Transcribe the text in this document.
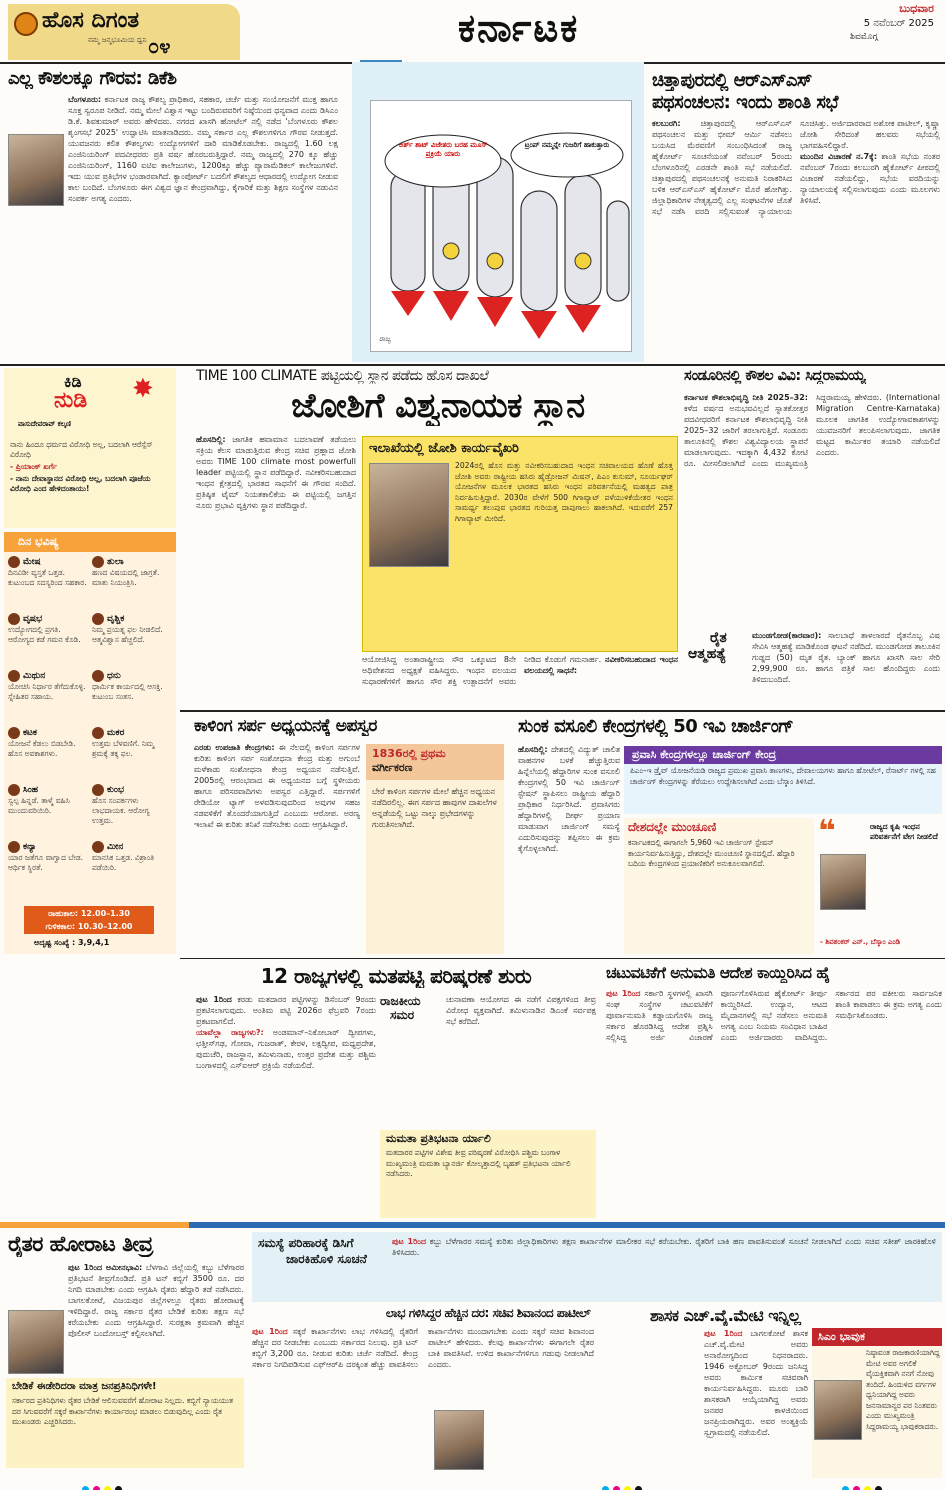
ಹೊಸ ದಿಗಂತ
ನಮ್ಮ ಜನ್ಮಭೂಮಿಯ ಧ್ವನಿ ೦೪	ಕರ್ನಾಟಕ	ಬುಧವಾರ
5 ನವೆಂಬರ್ 2025
ಶಿವಮೊಗ್ಗ
ಎಲ್ಲ ಕೌಶಲಕ್ಕೂ ಗೌರವ: ಡಿಕೆಶಿ
ಬೆಂಗಳೂರು: ಕರ್ನಾಟಕ ರಾಜ್ಯ ಕೌಶಲ್ಯ ಪ್ರಾಧಿಕಾರ, ಸಹಕಾರ, ಚರ್ಚೆ ಮತ್ತು ಸಂಯೋಜನೆಗೆ ಮುಕ್ತ ಹಾಗೂ ಸೂಕ್ತ ಸ್ವರೂಪ ನೀಡಿದೆ. ನಮ್ಮ ಮೇಲೆ ವಿಶ್ವಾಸ ಇಟ್ಟು ಬಂದಿರುವವರಿಗೆ ನಿಷ್ಠೆಯಿಂದ ಧನ್ಯವಾದ ಎಂದು ಡಿಸಿಎಂ ಡಿ.ಕೆ. ಶಿವಕುಮಾರ್ ಅವರು ಹೇಳಿದರು. ನಗರದ ಖಾಸಗಿ ಹೋಟೆಲ್ ನಲ್ಲಿ ನಡೆದ 'ಬೆಂಗಳೂರು ಕೌಶಲ ಶೃಂಗಸಭೆ 2025' ಉದ್ಘಾಟಿಸಿ ಮಾತನಾಡಿದರು. ನಮ್ಮ ಸರ್ಕಾರ ಎಲ್ಲ ಕೌಶಲಗಳಿಗೂ ಗೌರವ ನೀಡುತ್ತದೆ. ಯುವಜನರು ಕಲಿತ ಕೌಶಲ್ಯಗಳು ಉದ್ಯೋಗಗಳಿಗೆ ದಾರಿ ಮಾಡಿಕೊಡಬೇಕು. ರಾಜ್ಯದಲ್ಲಿ 1.60 ಲಕ್ಷ ಎಂಜಿನಿಯರಿಂಗ್ ಪದವೀಧರರು ಪ್ರತಿ ವರ್ಷ ಹೊರಬರುತ್ತಿದ್ದಾರೆ. ನಮ್ಮ ರಾಜ್ಯದಲ್ಲಿ 270 ಕ್ಕೂ ಹೆಚ್ಚು ಎಂಜಿನಿಯರಿಂಗ್, 1160 ಐಟಿಐ ಕಾಲೇಜುಗಳು, 1200ಕ್ಕೂ ಹೆಚ್ಚು ಪ್ಯಾರಾಮೆಡಿಕಲ್ ಕಾಲೇಜುಗಳಿವೆ. ಇದು ಯುವ ಪ್ರತಿಭೆಗಳ ಭಂಡಾರವಾಗಿದೆ. ಕ್ಯಾಂಪೋರ್ಟ್ ಬದಲಿಗೆ ಕೌಶಲ್ಯದ ಆಧಾರದಲ್ಲಿ ಉದ್ಯೋಗ ನೀಡುವ ಕಾಲ ಬಂದಿದೆ. ಬೆಂಗಳೂರು ಈಗ ವಿಶ್ವದ ಜ್ಞಾನ ಕೇಂದ್ರವಾಗಿದ್ದು, ಕೈಗಾರಿಕೆ ಮತ್ತು ಶಿಕ್ಷಣ ಸಂಸ್ಥೆಗಳ ನಡುವಿನ ಸಂಪರ್ಕ ಅಗತ್ಯ ಎಂದರು.
ಅರ್ತ್ ಶಾಟ್ ವಿಜೇತರು ಬರಹ ಮೂಸ್ ಪ್ರಕ್ರಿಯೆ ಯಾರು
ಟ್ರಂಪ್ ನಮ್ಮನ್ನೇ ಗುಜರಿಗೆ ಹಾಕುತ್ತಾರು
ರಾಜ್ಯ
ಚಿತ್ತಾಪುರದಲ್ಲಿ ಆರ್‌ಎಸ್‌ಎಸ್
ಪಥಸಂಚಲನ: ಇಂದು ಶಾಂತಿ ಸಭೆ
ಕಲಬುರಗಿ:	ಚಿತ್ತಾಪುರದಲ್ಲಿ ಆರ್‌ಎಸ್‌ಎಸ್ ಪಥಸಂಚಲನ ಮತ್ತು ಭೀಮ್ ಆರ್ಮಿ ನಡೆಸಲು ಬಯಸಿದ ಮೆರವಣಿಗೆ ಸಂಬಂಧಿಸಿದಂತೆ ರಾಜ್ಯ ಹೈಕೋರ್ಟ್ ಸೂಚನೆಯಂತೆ ನವೆಂಬರ್ 5ರಂದು ಬೆಂಗಳೂರಿನಲ್ಲಿ ಎರಡನೇ ಶಾಂತಿ ಸಭೆ ನಡೆಯಲಿದೆ. ಚಿತ್ತಾಪುರದಲ್ಲಿ ಪಥಸಂಚಲನಕ್ಕೆ ಅನುಮತಿ ನಿರಾಕರಿಸಿದ ಬಳಿಕ ಆರ್‌ಎಸ್‌ಎಸ್ ಹೈಕೋರ್ಟ್ ಮೊರೆ ಹೋಗಿತ್ತು. ಜಿಲ್ಲಾಧಿಕಾರಿಗಳ ನೇತೃತ್ವದಲ್ಲಿ ಎಲ್ಲ ಸಂಘಟನೆಗಳ ಜೊತೆ ಸಭೆ ನಡೆಸಿ ವರದಿ ಸಲ್ಲಿಸುವಂತೆ ನ್ಯಾಯಾಲಯ ಸೂಚಿಸಿತ್ತು. ಅರ್ಜಿದಾರರಾದ ಅಶೋಕ ಪಾಟೀಲ್, ಕೃಷ್ಣಾ ಜೋಶಿ ಸೇರಿದಂತೆ ಹಲವರು ಸಭೆಯಲ್ಲಿ ಭಾಗವಹಿಸಲಿದ್ದಾರೆ.

ಮುಂದಿನ ವಿಚಾರಣೆ ನ.7ಕ್ಕೆ: ಶಾಂತಿ ಸಭೆಯ ನಂತರ ನವೆಂಬರ್ 7ರಂದು ಕಲಬುರಗಿ ಹೈಕೋರ್ಟ್ ಪೀಠದಲ್ಲಿ ವಿಚಾರಣೆ ನಡೆಯಲಿದ್ದು, ಸಭೆಯ ವರದಿಯನ್ನು ನ್ಯಾಯಾಲಯಕ್ಕೆ ಸಲ್ಲಿಸಲಾಗುವುದು ಎಂದು ಮೂಲಗಳು ತಿಳಿಸಿವೆ.

✸
ಕಿಡಿ
ನುಡಿ
ವಾಸುದೇವರಾವ್ ಕಲ್ಕಣಿ
ನಾನು ಹಿಂದೂ ಧರ್ಮದ ವಿರೋಧಿ ಅಲ್ಲ, ಬದಲಾಗಿ ಆರೆಸ್ಸೆಸ್ ವಿರೋಧಿ
- ಪ್ರಿಯಾಂಕ್ ಖರ್ಗೆ
- ನಾನು ದೇವಾಸ್ಥಾನದ ವಿರೋಧಿ ಅಲ್ಲ, ಬದಲಾಗಿ ಪೂಜೆಯ ವಿರೋಧಿ ಎಂದ ಹೇಳಿದಂತಾಯು!
ದಿನ ಭವಿಷ್ಯ
ಮೇಷ
ದಿನವಿಡೀ ವ್ಯಸ್ತತೆ ಒತ್ತಡ. ಕುಟುಂಬದ ಸದಸ್ಯರಿಂದ ಸಹಕಾರ.
ತುಲಾ
ಹಣದ ವಿಷಯದಲ್ಲಿ ಜಾಗ್ರತೆ. ಮಾತು ನಿಯಂತ್ರಿಸಿ.
ವೃಷಭ
ಉದ್ಯೋಗದಲ್ಲಿ ಪ್ರಗತಿ. ಆರೋಗ್ಯದ ಕಡೆ ಗಮನ ಕೊಡಿ.
ವೃಶ್ಚಿಕ
ನಿಮ್ಮ ಪ್ರಯತ್ನ ಫಲ ನೀಡಲಿದೆ. ಆತ್ಮವಿಶ್ವಾಸ ಹೆಚ್ಚಲಿದೆ.
ಮಿಥುನ
ಯೋಚಿಸಿ ನಿರ್ಧಾರ ತೆಗೆದುಕೊಳ್ಳಿ. ಸ್ನೇಹಿತರ ಸಹಾಯ.
ಧನು
ಧಾರ್ಮಿಕ ಕಾರ್ಯದಲ್ಲಿ ಆಸಕ್ತಿ. ಕುಟುಂಬ ಸಂತಸ.
ಕಟಕ
ಯೋಜನೆ ಕೆಡಲು ಬಿಡಬೇಡಿ. ಹೊಸ ಅವಕಾಶಗಳು.
ಮಕರ
ಉತ್ತಮ ಬೆಳವಣಿಗೆ. ನಿಮ್ಮ ಶ್ರಮಕ್ಕೆ ತಕ್ಕ ಫಲ.
ಸಿಂಹ
ಸ್ವಲ್ಪ ಹಿನ್ನಡೆ. ತಾಳ್ಮೆ ವಹಿಸಿ ಮುಂದುವರಿಯಿರಿ.
ಕುಂಭ
ಹೊಸ ಸಂಪರ್ಕಗಳು ಲಾಭದಾಯಕ. ಆರೋಗ್ಯ ಉತ್ತಮ.
ಕನ್ಯಾ
ಯಾರ ಜತೆಗೂ ವಾಗ್ವಾದ ಬೇಡ. ಆರ್ಥಿಕ ಸ್ಥಿರತೆ.
ಮೀನ
ಮಾನಸಿಕ ಒತ್ತಡ. ವಿಶ್ರಾಂತಿ ಪಡೆಯಿರಿ.
ರಾಹುಕಾಲ: 12.00–1.30
ಗುಳಿಕಕಾಲ: 10.30–12.00
ಅದೃಷ್ಟ ಸಂಖ್ಯೆ : 3,9,4,1
TIME 100 CLIMATE ಪಟ್ಟಿಯಲ್ಲಿ ಸ್ಥಾನ ಪಡೆದು ಹೊಸ ದಾಖಲೆ
ಜೋಶಿಗೆ ವಿಶ್ವನಾಯಕ ಸ್ಥಾನ
ಹೊಸದಿಲ್ಲಿ: ಜಾಗತಿಕ ಹವಾಮಾನ ಬದಲಾವಣೆ ತಡೆಯಲು ಸಕ್ರಿಯ ಕೆಲಸ ಮಾಡುತ್ತಿರುವ ಕೇಂದ್ರ ಸಚಿವ ಪ್ರಹ್ಲಾದ ಜೋಶಿ ಅವರು TIME 100 climate most powerfull leader ಪಟ್ಟಿಯಲ್ಲಿ ಸ್ಥಾನ ಪಡೆದಿದ್ದಾರೆ. ನವೀಕರಿಸಬಹುದಾದ ಇಂಧನ ಕ್ಷೇತ್ರದಲ್ಲಿ ಭಾರತದ ಸಾಧನೆಗೆ ಈ ಗೌರವ ಸಂದಿದೆ. ಪ್ರತಿಷ್ಠಿತ ಟೈಮ್ ನಿಯತಕಾಲಿಕೆಯ ಈ ಪಟ್ಟಿಯಲ್ಲಿ ಜಗತ್ತಿನ ನೂರು ಪ್ರಭಾವಿ ವ್ಯಕ್ತಿಗಳು ಸ್ಥಾನ ಪಡೆದಿದ್ದಾರೆ.
ಇಲಾಖೆಯಲ್ಲಿ ಜೋಶಿ ಕಾರ್ಯವೈಖರಿ
2024ರಲ್ಲಿ ಹೊಸ ಮತ್ತು ನವೀಕರಿಸಬಹುದಾದ ಇಂಧನ ಸಚಿವಾಲಯದ ಹೊಣೆ ಹೊತ್ತ ಜೋಶಿ ಅವರು ರಾಷ್ಟ್ರೀಯ ಹಸಿರು ಹೈಡ್ರೋಜನ್ ಮಿಷನ್, ಪಿಎಂ ಕುಸುಮ್, ಸೂರ್ಯಘರ್ ಯೋಜನೆಗಳ ಮೂಲಕ ಭಾರತದ ಹಸಿರು ಇಂಧನ ಪರಿವರ್ತನೆಯಲ್ಲಿ ಮಹತ್ವದ ಪಾತ್ರ ನಿರ್ವಹಿಸುತ್ತಿದ್ದಾರೆ. 2030ರ ವೇಳೆಗೆ 500 ಗಿಗಾವ್ಯಾಟ್ ಪಳೆಯುಳಿಕೆಯೇತರ ಇಂಧನ ಸಾಮರ್ಥ್ಯ ತಲುಪುವ ಭಾರತದ ಗುರಿಯತ್ತ ದಾಪುಗಾಲು ಹಾಕಲಾಗಿದೆ. ಇದುವರೆಗೆ 257 ಗಿಗಾವ್ಯಾಟ್ ಮೀರಿದೆ.
ಆಯೋಜಿಸಿದ್ದ ಅಂತಾರಾಷ್ಟ್ರೀಯ ಸೌರ ಒಕ್ಕೂಟದ 8ನೇ ಅಧಿವೇಶನದ ಅಧ್ಯಕ್ಷತೆ ವಹಿಸಿದ್ದರು. ಇಂಧನ ವಲಯದ ಸುಧಾರಣೆಗಳಿಗೆ ಹಾಗೂ ಸೌರ ಶಕ್ತಿ ಉತ್ಪಾದನೆಗೆ ಅವರು ನೀಡಿದ ಕೊಡುಗೆ ಗಮನಾರ್ಹ. ನವೀಕರಿಸಬಹುದಾದ ಇಂಧನ ವಲಯದಲ್ಲಿ ಸಾಧನೆ:
ಸಂಡೂರಿನಲ್ಲಿ ಕೌಶಲ ವಿವಿ: ಸಿದ್ದರಾಮಯ್ಯ
ಕರ್ನಾಟಕ ಕೌಶಲಾಭಿವೃದ್ಧಿ ನೀತಿ 2025–32: ಕಳೆದ ವರ್ಷದ ಅನುಭವವಿಲ್ಲದೆ ಸ್ನಾತಕೋತ್ತರ ಪದವೀಧರರಿಗೆ ಕರ್ನಾಟಕ ಕೌಶಲಾಭಿವೃದ್ಧಿ ನೀತಿ 2025–32 ಜಾರಿಗೆ ತರಲಾಗುತ್ತಿದೆ. ಸಂಡೂರು ತಾಲೂಕಿನಲ್ಲಿ ಕೌಶಲ ವಿಶ್ವವಿದ್ಯಾಲಯ ಸ್ಥಾಪನೆ ಮಾಡಲಾಗುವುದು. ಇದಕ್ಕಾಗಿ 4,432 ಕೋಟಿ ರೂ. ಮೀಸಲಿಡಲಾಗಿದೆ ಎಂದು ಮುಖ್ಯಮಂತ್ರಿ ಸಿದ್ದರಾಮಯ್ಯ ಹೇಳಿದರು. (International Migration Centre-Karnataka) ಮೂಲಕ ಜಾಗತಿಕ ಉದ್ಯೋಗಾವಕಾಶಗಳನ್ನು ಯುವಜನರಿಗೆ ತಲುಪಿಸಲಾಗುವುದು. ಜಾಗತಿಕ ಮಟ್ಟದ ಕಾರ್ಮಿಕರ ತಯಾರಿ ನಡೆಯಲಿದೆ ಎಂದರು.
ರೈತ
ಆತ್ಮಹತ್ಯೆ
ಮುಂಡಗೋಡ(ಕಾರವಾರ): ಸಾಲಬಾಧೆ ತಾಳಲಾರದೆ ರೈತನೊಬ್ಬ ವಿಷ ಸೇವಿಸಿ ಆತ್ಮಹತ್ಯೆ ಮಾಡಿಕೊಂಡ ಘಟನೆ ನಡೆದಿದೆ. ಮುಂಡಗೋಡ ತಾಲೂಕಿನ ಗುಡ್ಡದ (50) ಮೃತ ರೈತ. ಬ್ಯಾಂಕ್ ಹಾಗೂ ಖಾಸಗಿ ಸಾಲ ಸೇರಿ 2,99,900 ರೂ. ಹಾಗೂ ಪತ್ರಿಕೆ ಸಾಲ ಹೊಂದಿದ್ದರು ಎಂದು ತಿಳಿದುಬಂದಿದೆ.
ಕಾಳಿಂಗ ಸರ್ಪ ಅಧ್ಯಯನಕ್ಕೆ ಅಪಸ್ವರ
1836ರಲ್ಲಿ ಪ್ರಥಮ
ವರ್ಗೀಕರಣ
ಬೇರೆ ಕಾಳಿಂಗ ಸರ್ಪಗಳ ಮೇಲೆ ಹೆಚ್ಚಿನ ಅಧ್ಯಯನ ನಡೆದಿರಲಿಲ್ಲ. ಈಗ ಸರ್ಪದ ಹಾವುಗಳ ದಾಖಲೆಗಳ ಅನ್ನಡೆಯಲ್ಲಿ ಒಟ್ಟು ನಾಲ್ಕು ಪ್ರಭೇದಗಳನ್ನು ಗುರುತಿಸಲಾಗಿದೆ.
ಎರಡು ಉಪಜಾತಿ ಕೇಂದ್ರಗಳು: ಈ ನೆಲದಲ್ಲಿ ಕಾಳಿಂಗ ಸರ್ಪಗಳ ಕುರಿತು ಕಾಳಿಂಗ ಸರ್ಪ ಸಂಶೋಧನಾ ಕೇಂದ್ರ ಮತ್ತು ಅಗುಂಬೆ ಮಳೆಕಾಡು ಸಂಶೋಧನಾ ಕೇಂದ್ರ ಅಧ್ಯಯನ ನಡೆಸುತ್ತಿವೆ. 2005ರಲ್ಲಿ ಆರಂಭವಾದ ಈ ಅಧ್ಯಯನದ ಬಗ್ಗೆ ಸ್ಥಳೀಯರು ಹಾಗೂ ಪರಿಸರವಾದಿಗಳು ಅಪಸ್ವರ ಎತ್ತಿದ್ದಾರೆ. ಸರ್ಪಗಳಿಗೆ ರೇಡಿಯೋ ಟ್ಯಾಗ್ ಅಳವಡಿಸುವುದರಿಂದ ಅವುಗಳ ಸಹಜ ನಡವಳಿಕೆಗೆ ತೊಂದರೆಯಾಗುತ್ತಿದೆ ಎಂಬುದು ಆರೋಪ. ಅರಣ್ಯ ಇಲಾಖೆ ಈ ಕುರಿತು ತನಿಖೆ ನಡೆಸಬೇಕು ಎಂದು ಆಗ್ರಹಿಸಿದ್ದಾರೆ.
ಸುಂಕ ವಸೂಲಿ ಕೇಂದ್ರಗಳಲ್ಲಿ 50 ಇವಿ ಚಾರ್ಜಿಂಗ್
ಹೊಸದಿಲ್ಲಿ: ದೇಶದಲ್ಲಿ ವಿದ್ಯುತ್ ಚಾಲಿತ ವಾಹನಗಳ ಬಳಕೆ ಹೆಚ್ಚುತ್ತಿರುವ ಹಿನ್ನೆಲೆಯಲ್ಲಿ ಹೆದ್ದಾರಿಗಳ ಸುಂಕ ವಸೂಲಿ ಕೇಂದ್ರಗಳಲ್ಲಿ 50 ಇವಿ ಚಾರ್ಜಿಂಗ್ ಸ್ಟೇಷನ್ ಸ್ಥಾಪಿಸಲು ರಾಷ್ಟ್ರೀಯ ಹೆದ್ದಾರಿ ಪ್ರಾಧಿಕಾರ ನಿರ್ಧರಿಸಿದೆ. ಪ್ರವಾಸಿಗರು ಹೆದ್ದಾರಿಗಳಲ್ಲಿ ದೀರ್ಘ ಪ್ರಯಾಣ ಮಾಡುವಾಗ ಚಾರ್ಜಿಂಗ್ ಸಮಸ್ಯೆ ಎದುರಿಸುವುದನ್ನು ತಪ್ಪಿಸಲು ಈ ಕ್ರಮ ಕೈಗೊಳ್ಳಲಾಗಿದೆ.
ಪ್ರವಾಸಿ ಕೇಂದ್ರಗಳಲ್ಲೂ ಚಾರ್ಜಿಂಗ್ ಕೇಂದ್ರ
ಪಿಎಂ–ಇ ಡ್ರೈವ್ ಯೋಜನೆಯಡಿ ರಾಜ್ಯದ ಪ್ರಮುಖ ಪ್ರವಾಸಿ ತಾಣಗಳು, ದೇವಾಲಯಗಳು ಹಾಗೂ ಹೋಟೆಲ್, ರೆಸಾರ್ಟ್ ಗಳಲ್ಲಿ ಸಹ ಚಾರ್ಜಿಂಗ್ ಕೇಂದ್ರಗಳನ್ನು ತೆರೆಯಲು ಉದ್ದೇಶಿಸಲಾಗಿದೆ ಎಂದು ಬೆಸ್ಕಾಂ ತಿಳಿಸಿದೆ.
ದೇಶದಲ್ಲೇ ಮುಂಚೂಣಿ
ಕರ್ನಾಟಕದಲ್ಲಿ ಈಗಾಗಲೇ 5,960 ಇವಿ ಚಾರ್ಜಿಂಗ್ ಸ್ಟೇಷನ್ ಕಾರ್ಯನಿರ್ವಹಿಸುತ್ತಿದ್ದು, ದೇಶದಲ್ಲೇ ಮುಂಚೂಣಿ ಸ್ಥಾನದಲ್ಲಿದೆ. ಹೆದ್ದಾರಿ ಬದಿಯ ಕೇಂದ್ರಗಳಿಂದ ಪ್ರಯಾಣಿಕರಿಗೆ ಅನುಕೂಲವಾಗಲಿದೆ.
❝	ರಾಜ್ಯದ ಕೃಷಿ ಇಂಧನ ಪರಿವರ್ತನೆಗೆ ವೇಗ ನೀಡಲಿದೆ
- ಶಿವಶಂಕರ್ ಎನ್., ಬೆಸ್ಕಾಂ ಎಂಡಿ
12 ರಾಜ್ಯಗಳಲ್ಲಿ ಮತಪಟ್ಟಿ ಪರಿಷ್ಕರಣೆ ಶುರು
ಪುಟ 1ರಿಂದ ಕರಡು ಮತದಾರರ ಪಟ್ಟಿಗಳನ್ನು ಡಿಸೆಂಬರ್ 9ರಂದು ಪ್ರಕಟಿಸಲಾಗುವುದು. ಅಂತಿಮ ಪಟ್ಟಿ 2026ರ ಫೆಬ್ರವರಿ 7ರಂದು ಪ್ರಕಟವಾಗಲಿದೆ.

ಯಾವೆಲ್ಲಾ ರಾಜ್ಯಗಳು?: ಅಂಡಮಾನ್–ನಿಕೋಬಾರ್ ದ್ವೀಪಗಳು, ಛತ್ತೀಸ್‌ಗಢ, ಗೋವಾ, ಗುಜರಾತ್, ಕೇರಳ, ಲಕ್ಷದ್ವೀಪ, ಮಧ್ಯಪ್ರದೇಶ, ಪುದುಚೆರಿ, ರಾಜಸ್ಥಾನ, ತಮಿಳುನಾಡು, ಉತ್ತರ ಪ್ರದೇಶ ಮತ್ತು ಪಶ್ಚಿಮ ಬಂಗಾಳದಲ್ಲಿ ಎಸ್‌ಐಆರ್ ಪ್ರಕ್ರಿಯೆ ನಡೆಯಲಿದೆ.

ರಾಜಕೀಯ
ಸಮರ
ಚುನಾವಣಾ ಆಯೋಗದ ಈ ನಡೆಗೆ ವಿಪಕ್ಷಗಳಿಂದ ತೀವ್ರ ವಿರೋಧ ವ್ಯಕ್ತವಾಗಿದೆ. ತಮಿಳುನಾಡಿನ ಡಿಎಂಕೆ ಸರ್ವಪಕ್ಷ ಸಭೆ ಕರೆದಿದೆ.
ಮಮತಾ ಪ್ರತಿಭಟನಾ ರ್ಯಾಲಿ
ಮತದಾರರ ಪಟ್ಟಿಗಳ ವಿಶೇಷ ತೀವ್ರ ಪರಿಷ್ಕರಣೆ ವಿರೋಧಿಸಿ ಪಶ್ಚಿಮ ಬಂಗಾಳ ಮುಖ್ಯಮಂತ್ರಿ ಮಮತಾ ಬ್ಯಾನರ್ಜಿ ಕೋಲ್ಕತ್ತಾದಲ್ಲಿ ಬೃಹತ್ ಪ್ರತಿಭಟನಾ ರ್ಯಾಲಿ ನಡೆಸಿದರು.
ಚಟುವಟಿಕೆಗೆ ಅನುಮತಿ ಆದೇಶ ಕಾಯ್ದಿರಿಸಿದ ಹೈ
ಪುಟ 1ರಿಂದ ಸರ್ಕಾರಿ ಸ್ಥಳಗಳಲ್ಲಿ ಖಾಸಗಿ ಸಂಘ ಸಂಸ್ಥೆಗಳ ಚಟುವಟಿಕೆಗೆ ಪೂರ್ವಾನುಮತಿ ಕಡ್ಡಾಯಗೊಳಿಸಿ ರಾಜ್ಯ ಸರ್ಕಾರ ಹೊರಡಿಸಿದ್ದ ಆದೇಶ ಪ್ರಶ್ನಿಸಿ ಸಲ್ಲಿಸಿದ್ದ ಅರ್ಜಿ ವಿಚಾರಣೆ ಪೂರ್ಣಗೊಳಿಸಿರುವ ಹೈಕೋರ್ಟ್ ತೀರ್ಪು ಕಾಯ್ದಿರಿಸಿದೆ. ಉದ್ಯಾನ, ಆಟದ ಮೈದಾನಗಳಲ್ಲಿ ಸಭೆ ನಡೆಸಲು ಅನುಮತಿ ಅಗತ್ಯ ಎಂಬ ನಿಯಮ ಸಂವಿಧಾನ ಬಾಹಿರ ಎಂದು ಅರ್ಜಿದಾರರು ವಾದಿಸಿದ್ದರು. ಸರ್ಕಾರದ ಪರ ವಕೀಲರು ಸಾರ್ವಜನಿಕ ಶಾಂತಿ ಕಾಪಾಡಲು ಈ ಕ್ರಮ ಅಗತ್ಯ ಎಂದು ಸಮರ್ಥಿಸಿಕೊಂಡರು.
ರೈತರ ಹೋರಾಟ ತೀವ್ರ
ಪುಟ 1ರಿಂದ ಅಮೀನಭಾವಿ: ಬೆಳಗಾವಿ ಜಿಲ್ಲೆಯಲ್ಲಿ ಕಬ್ಬು ಬೆಳೆಗಾರರ ಪ್ರತಿಭಟನೆ ತೀವ್ರಗೊಂಡಿದೆ. ಪ್ರತಿ ಟನ್ ಕಬ್ಬಿಗೆ 3500 ರೂ. ದರ ನಿಗದಿ ಮಾಡಬೇಕು ಎಂದು ಆಗ್ರಹಿಸಿ ರೈತರು ಹೆದ್ದಾರಿ ತಡೆ ನಡೆಸಿದರು. ಬಾಗಲಕೋಟೆ, ವಿಜಯಪುರ ಜಿಲ್ಲೆಗಳಲ್ಲೂ ರೈತರು ಹೋರಾಟಕ್ಕೆ ಇಳಿದಿದ್ದಾರೆ. ರಾಜ್ಯ ಸರ್ಕಾರ ರೈತರ ಬೇಡಿಕೆ ಕುರಿತು ತಕ್ಷಣ ಸಭೆ ಕರೆಯಬೇಕು ಎಂದು ಆಗ್ರಹಿಸಿದ್ದಾರೆ. ಸುರಕ್ಷತಾ ಕ್ರಮವಾಗಿ ಹೆಚ್ಚಿನ ಪೊಲೀಸ್ ಬಂದೋಬಸ್ತ್ ಕಲ್ಪಿಸಲಾಗಿದೆ.
ಬೇಡಿಕೆ ಈಡೇರಿದರಾ ಮಾತ್ರ ಜನಪ್ರತಿನಿಧಿಗಳೇ!
ಸರ್ಕಾರದ ಪ್ರತಿನಿಧಿಗಳು ರೈತರ ಬೇಡಿಕೆ ಆಲಿಸುವವರೆಗೆ ಹೋರಾಟ ನಿಲ್ಲದು. ಕಬ್ಬಿಗೆ ನ್ಯಾಯಯುತ ದರ ಸಿಗುವವರೆಗೆ ಸಕ್ಕರೆ ಕಾರ್ಖಾನೆಗಳು ಕಾರ್ಯಾರಂಭ ಮಾಡಲು ಬಿಡುವುದಿಲ್ಲ ಎಂದು ರೈತ ಮುಖಂಡರು ಎಚ್ಚರಿಸಿದರು.
ಸಮಸ್ಯೆ ಪರಿಹಾರಕ್ಕೆ ಡಿಸಿಗೆ
ಜಾರಕಿಹೊಳಿ ಸೂಚನೆ
ಪುಟ 1ರಿಂದ ಕಬ್ಬು ಬೆಳೆಗಾರರ ಸಮಸ್ಯೆ ಕುರಿತು ಜಿಲ್ಲಾಧಿಕಾರಿಗಳು ತಕ್ಷಣ ಕಾರ್ಖಾನೆಗಳ ಮಾಲೀಕರ ಸಭೆ ಕರೆಯಬೇಕು. ರೈತರಿಗೆ ಬಾಕಿ ಹಣ ಪಾವತಿಸುವಂತೆ ಸೂಚನೆ ನೀಡಲಾಗಿದೆ ಎಂದು ಸಚಿವ ಸತೀಶ್ ಜಾರಕಿಹೊಳಿ ತಿಳಿಸಿದರು.
ಲಾಭ ಗಳಿಸಿದ್ದರ ಹೆಚ್ಚಿನ ದರ: ಸಚಿವ ಶಿವಾನಂದ ಪಾಟೀಲ್
ಪುಟ 1ರಿಂದ ಸಕ್ಕರೆ ಕಾರ್ಖಾನೆಗಳು ಲಾಭ ಗಳಿಸಿದಲ್ಲಿ ರೈತರಿಗೆ ಹೆಚ್ಚಿನ ದರ ನೀಡಬೇಕು ಎಂಬುದು ಸರ್ಕಾರದ ನಿಲುವು. ಪ್ರತಿ ಟನ್ ಕಬ್ಬಿಗೆ 3,200 ರೂ. ನೀಡುವ ಕುರಿತು ಚರ್ಚೆ ನಡೆದಿದೆ. ಕೇಂದ್ರ ಸರ್ಕಾರ ನಿಗದಿಪಡಿಸುವ ಎಫ್‌ಆರ್‌ಪಿ ದರಕ್ಕಿಂತ ಹೆಚ್ಚು ಪಾವತಿಸಲು ಕಾರ್ಖಾನೆಗಳು ಮುಂದಾಗಬೇಕು ಎಂದು ಸಕ್ಕರೆ ಸಚಿವ ಶಿವಾನಂದ ಪಾಟೀಲ್ ಹೇಳಿದರು. ಕೆಲವು ಕಾರ್ಖಾನೆಗಳು ಈಗಾಗಲೇ ರೈತರ ಬಾಕಿ ಪಾವತಿಸಿವೆ. ಉಳಿದ ಕಾರ್ಖಾನೆಗಳಿಗೂ ಗಡುವು ನೀಡಲಾಗಿದೆ ಎಂದರು.
ಶಾಸಕ ಎಚ್.ವೈ.ಮೇಟಿ ಇನ್ನಿಲ್ಲ
ಪುಟ 1ರಿಂದ ಬಾಗಲಕೋಟೆ ಶಾಸಕ ಎಚ್.ವೈ.ಮೇಟಿ ಅವರು ಅನಾರೋಗ್ಯದಿಂದ ನಿಧನರಾದರು. 1946 ಅಕ್ಟೋಬರ್ 9ರಂದು ಜನಿಸಿದ್ದ ಅವರು ಕಾರ್ಮಿಕ ಸಚಿವರಾಗಿ ಕಾರ್ಯನಿರ್ವಹಿಸಿದ್ದರು. ಮೂರು ಬಾರಿ ಶಾಸಕರಾಗಿ ಆಯ್ಕೆಯಾಗಿದ್ದ ಅವರು ಜನಪರ ಕಾಳಜಿಯಿಂದ ಜನಪ್ರಿಯರಾಗಿದ್ದರು. ಅವರ ಅಂತ್ಯಕ್ರಿಯೆ ಸ್ವಗ್ರಾಮದಲ್ಲಿ ನಡೆಯಲಿದೆ.
ಸಿಎಂ ಭಾವುಕ
ನಿಷ್ಠಾವಂತ ರಾಜಕಾರಣಿಯಾಗಿದ್ದ ಮೇಟಿ ಅವರ ಅಗಲಿಕೆ ವೈಯಕ್ತಿಕವಾಗಿ ನನಗೆ ನೋವು ತಂದಿದೆ. ಹಿಂದುಳಿದ ವರ್ಗಗಳ ಧ್ವನಿಯಾಗಿದ್ದ ಅವರು ಜನಸಾಮಾನ್ಯರ ಪರ ನಿಂತವರು ಎಂದು ಮುಖ್ಯಮಂತ್ರಿ ಸಿದ್ದರಾಮಯ್ಯ ಭಾವುಕರಾದರು.
